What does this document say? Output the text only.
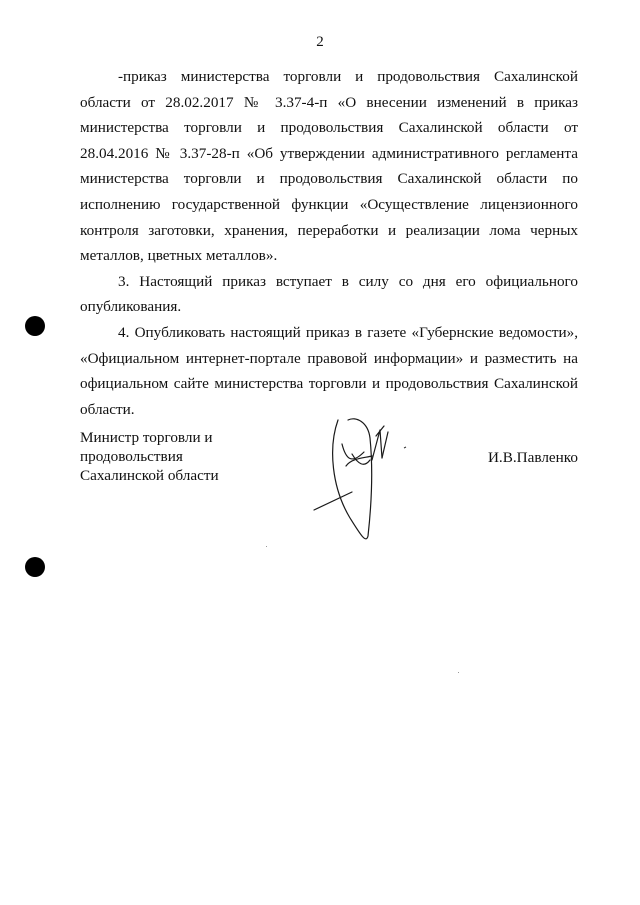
2

-приказ министерства торговли и продовольствия Сахалинской области от 28.02.2017 № 3.37-4-п «О внесении изменений в приказ министерства торговли и продовольствия Сахалинской области от 28.04.2016 № 3.37-28-п «Об утверждении административного регламента министерства торговли и продовольствия Сахалинской области по исполнению государственной функции «Осуществление лицензионного контроля заготовки, хранения, переработки и реализации лома черных металлов, цветных металлов».

3. Настоящий приказ вступает в силу со дня его официального опубликования.

4. Опубликовать настоящий приказ в газете «Губернские ведомости», «Официальном интернет-портале правовой информации» и разместить на официальном сайте министерства торговли и продовольствия Сахалинской области.

Министр торговли и продовольствия Сахалинской области
И.В.Павленко
